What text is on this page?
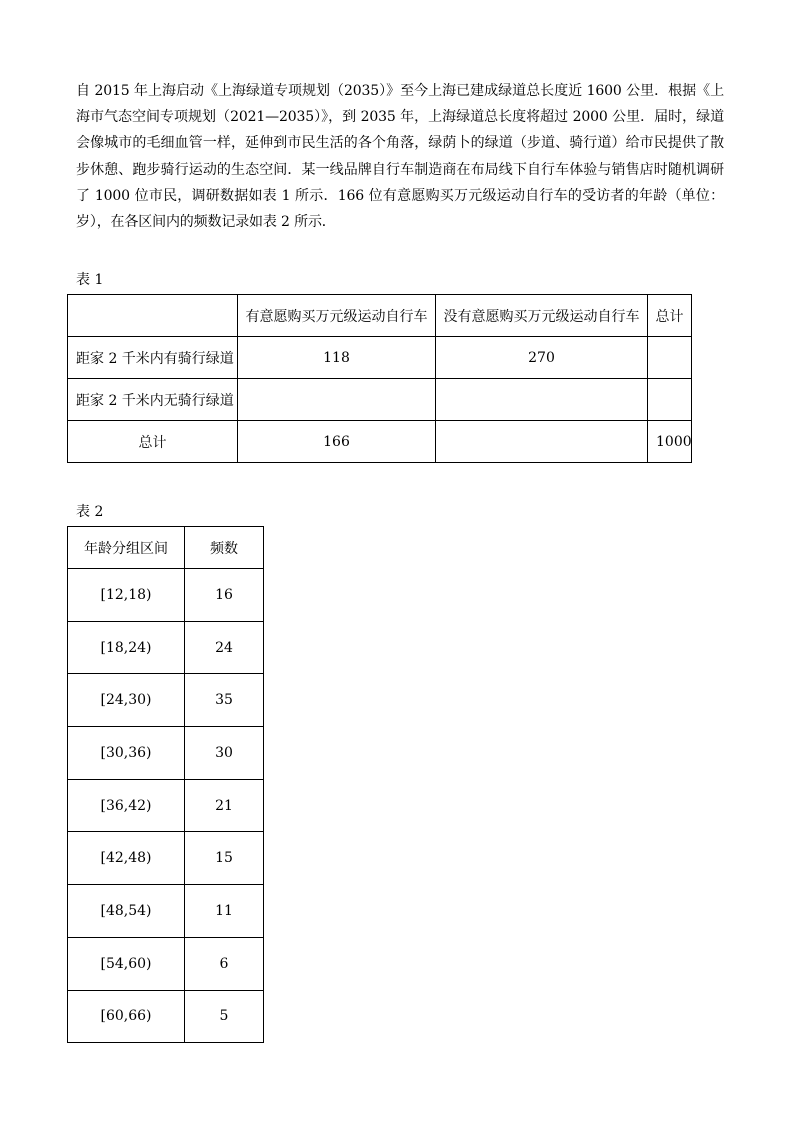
自 2015 年上海启动《上海绿道专项规划（2035）》至今上海已建成绿道总长度近 1600 公里．根据《上海市气态空间专项规划（2021—2035）》，到 2035 年，上海绿道总长度将超过 2000 公里．届时，绿道会像城市的毛细血管一样，延伸到市民生活的各个角落，绿荫卜的绿道（步道、骑行道）给市民提供了散步休憩、跑步骑行运动的生态空间．某一线品牌自行车制造商在布局线下自行车体验与销售店时随机调研了 1000 位市民，调研数据如表 1 所示．166 位有意愿购买万元级运动自行车的受访者的年龄（单位：岁），在各区间内的频数记录如表 2 所示．
表 1
	有意愿购买万元级运动自行车	没有意愿购买万元级运动自行车	总计
距家 2 千米内有骑行绿道	118	270	
距家 2 千米内无骑行绿道			
总计	166		1000
表 2
年龄分组区间	频数
[12,18)	16
[18,24)	24
[24,30)	35
[30,36)	30
[36,42)	21
[42,48)	15
[48,54)	11
[54,60)	6
[60,66)	5
